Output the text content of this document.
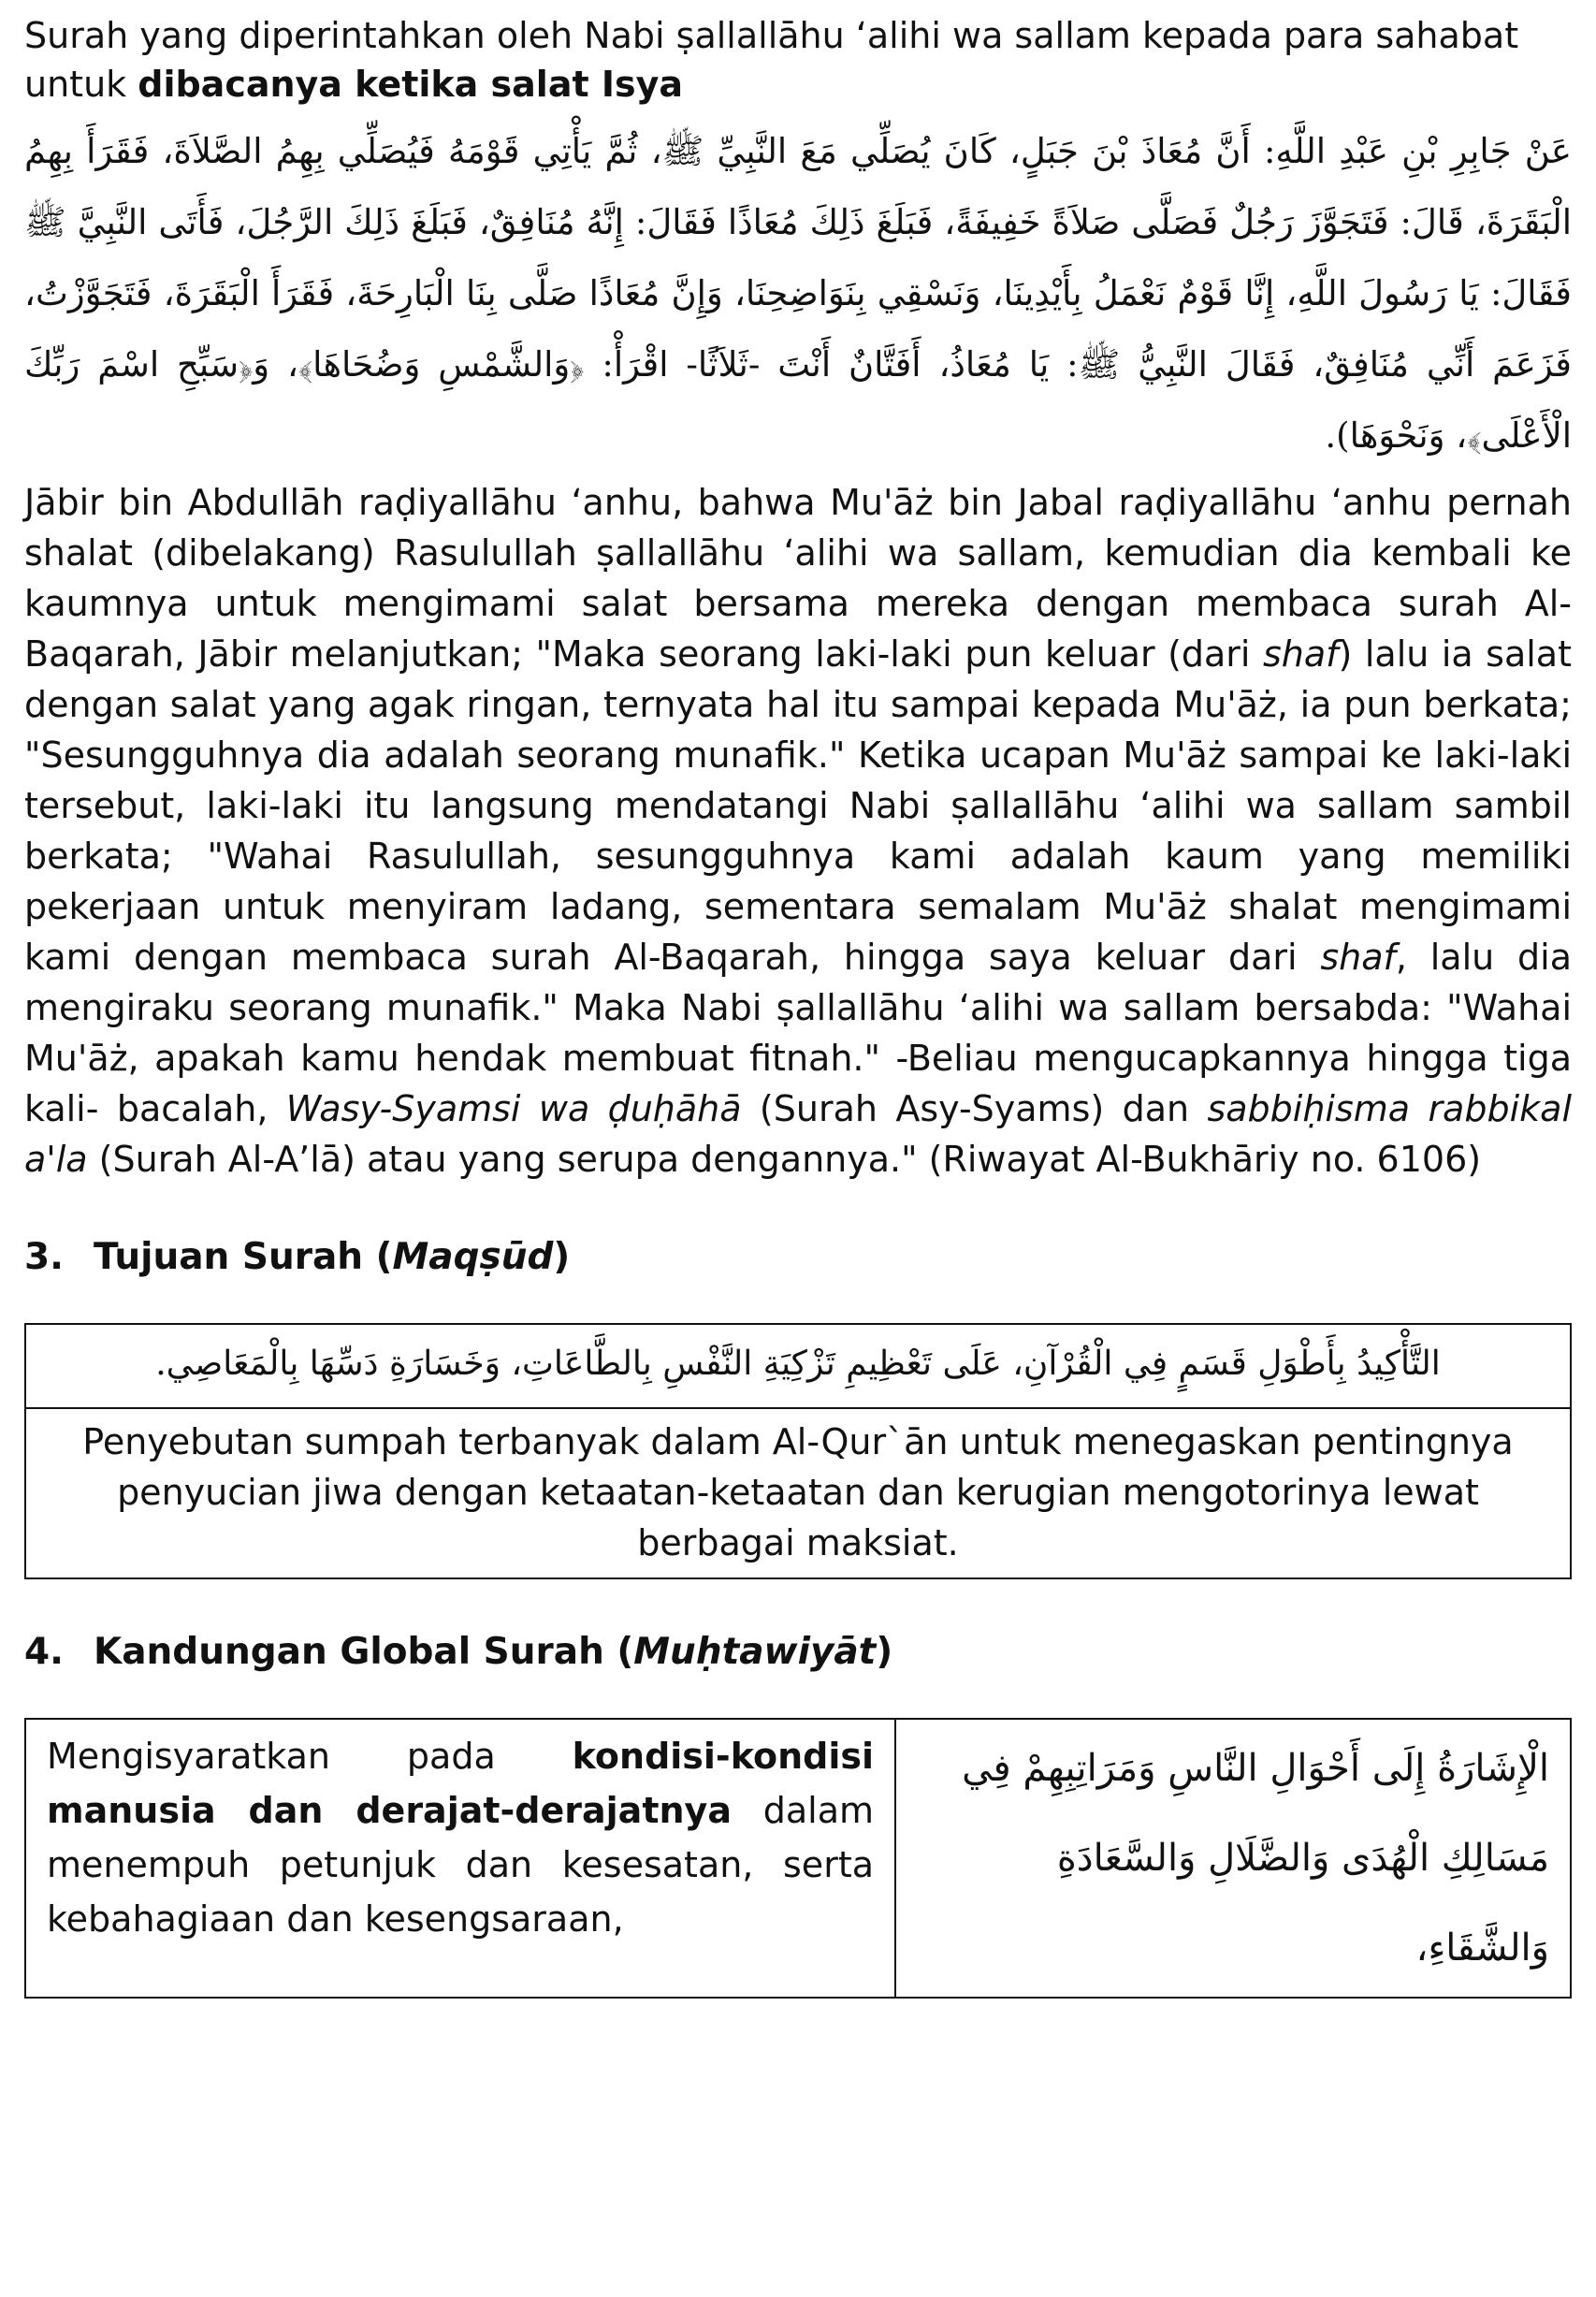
Surah yang diperintahkan oleh Nabi ṣallallāhu ‘alihi wa sallam kepada para sahabat untuk dibacanya ketika salat Isya

عَنْ جَابِرِ بْنِ عَبْدِ اللَّهِ: أَنَّ مُعَاذَ بْنَ جَبَلٍ، كَانَ يُصَلِّي مَعَ النَّبِيِّ ﷺ، ثُمَّ يَأْتِي قَوْمَهُ فَيُصَلِّي بِهِمُ الصَّلاَةَ، فَقَرَأَ بِهِمُ الْبَقَرَةَ، قَالَ: فَتَجَوَّزَ رَجُلٌ فَصَلَّى صَلاَةً خَفِيفَةً، فَبَلَغَ ذَلِكَ مُعَاذًا فَقَالَ: إِنَّهُ مُنَافِقٌ، فَبَلَغَ ذَلِكَ الرَّجُلَ، فَأَتَى النَّبِيَّ ﷺ فَقَالَ: يَا رَسُولَ اللَّهِ، إِنَّا قَوْمٌ نَعْمَلُ بِأَيْدِينَا، وَنَسْقِي بِنَوَاضِحِنَا، وَإِنَّ مُعَاذًا صَلَّى بِنَا الْبَارِحَةَ، فَقَرَأَ الْبَقَرَةَ، فَتَجَوَّزْتُ، فَزَعَمَ أَنِّي مُنَافِقٌ، فَقَالَ النَّبِيُّ ﷺ: يَا مُعَاذُ، أَفَتَّانٌ أَنْتَ -ثَلاَثًا- اقْرَأْ: ﴿وَالشَّمْسِ وَضُحَاهَا﴾، وَ﴿سَبِّحِ اسْمَ رَبِّكَ الْأَعْلَى﴾، وَنَحْوَهَا).

Jābir bin Abdullāh raḍiyallāhu ‘anhu, bahwa Mu'āż bin Jabal raḍiyallāhu ‘anhu pernah shalat (dibelakang) Rasulullah ṣallallāhu ‘alihi wa sallam, kemudian dia kembali ke kaumnya untuk mengimami salat bersama mereka dengan membaca surah Al-Baqarah, Jābir melanjutkan; "Maka seorang laki-laki pun keluar (dari shaf) lalu ia salat dengan salat yang agak ringan, ternyata hal itu sampai kepada Mu'āż, ia pun berkata; "Sesungguhnya dia adalah seorang munafik." Ketika ucapan Mu'āż sampai ke laki-laki tersebut, laki-laki itu langsung mendatangi Nabi ṣallallāhu ‘alihi wa sallam sambil berkata; "Wahai Rasulullah, sesungguhnya kami adalah kaum yang memiliki pekerjaan untuk menyiram ladang, sementara semalam Mu'āż shalat mengimami kami dengan membaca surah Al-Baqarah, hingga saya keluar dari shaf, lalu dia mengiraku seorang munafik." Maka Nabi ṣallallāhu ‘alihi wa sallam bersabda: "Wahai Mu'āż, apakah kamu hendak membuat fitnah." -Beliau mengucapkannya hingga tiga kali- bacalah, Wasy-Syamsi wa ḍuḥāhā (Surah Asy-Syams) dan sabbiḥisma rabbikal a'la (Surah Al-A’lā) atau yang serupa dengannya." (Riwayat Al-Bukhāriy no. 6106)

3. Tujuan Surah (Maqṣūd)
التَّأْكِيدُ بِأَطْوَلِ قَسَمٍ فِي الْقُرْآنِ، عَلَى تَعْظِيمِ تَزْكِيَةِ النَّفْسِ بِالطَّاعَاتِ، وَخَسَارَةِ دَسِّهَا بِالْمَعَاصِي.
Penyebutan sumpah terbanyak dalam Al-Qur`ān untuk menegaskan pentingnya penyucian jiwa dengan ketaatan-ketaatan dan kerugian mengotorinya lewat berbagai maksiat.
4. Kandungan Global Surah (Muḥtawiyāt)
Mengisyaratkan pada kondisi-kondisi manusia dan derajat-derajatnya dalam menempuh petunjuk dan kesesatan, serta kebahagiaan dan kesengsaraan,	الْإِشَارَةُ إِلَى أَحْوَالِ النَّاسِ وَمَرَاتِبِهِمْ فِي مَسَالِكِ الْهُدَى وَالضَّلَالِ وَالسَّعَادَةِ وَالشَّقَاءِ،
